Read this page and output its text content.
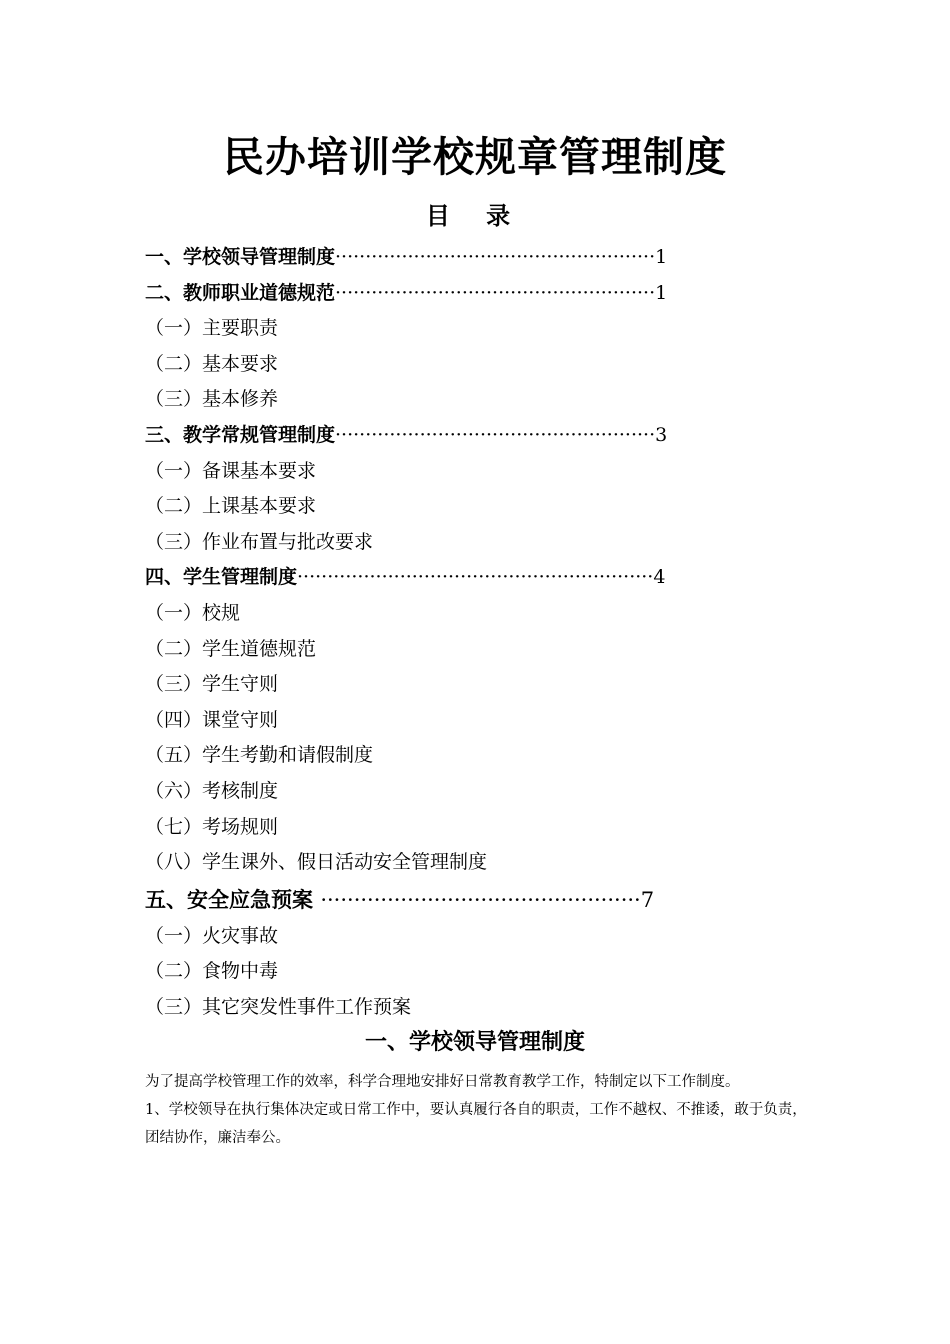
民办培训学校规章管理制度
目 录
一、学校领导管理制度·····················································1
二、教师职业道德规范·····················································1
（一）主要职责
（二）基本要求
（三）基本修养
三、教学常规管理制度·····················································3
（一）备课基本要求
（二）上课基本要求
（三）作业布置与批改要求
四、学生管理制度···························································4
（一）校规
（二）学生道德规范
（三）学生守则
（四）课堂守则
（五）学生考勤和请假制度
（六）考核制度
（七）考场规则
（八）学生课外、假日活动安全管理制度
五、安全应急预案 ················································7
（一）火灾事故
（二）食物中毒
（三）其它突发性事件工作预案
一、学校领导管理制度

为了提高学校管理工作的效率，科学合理地安排好日常教育教学工作，特制定以下工作制度。

1、学校领导在执行集体决定或日常工作中，要认真履行各自的职责，工作不越权、不推诿，敢于负责，团结协作，廉洁奉公。
